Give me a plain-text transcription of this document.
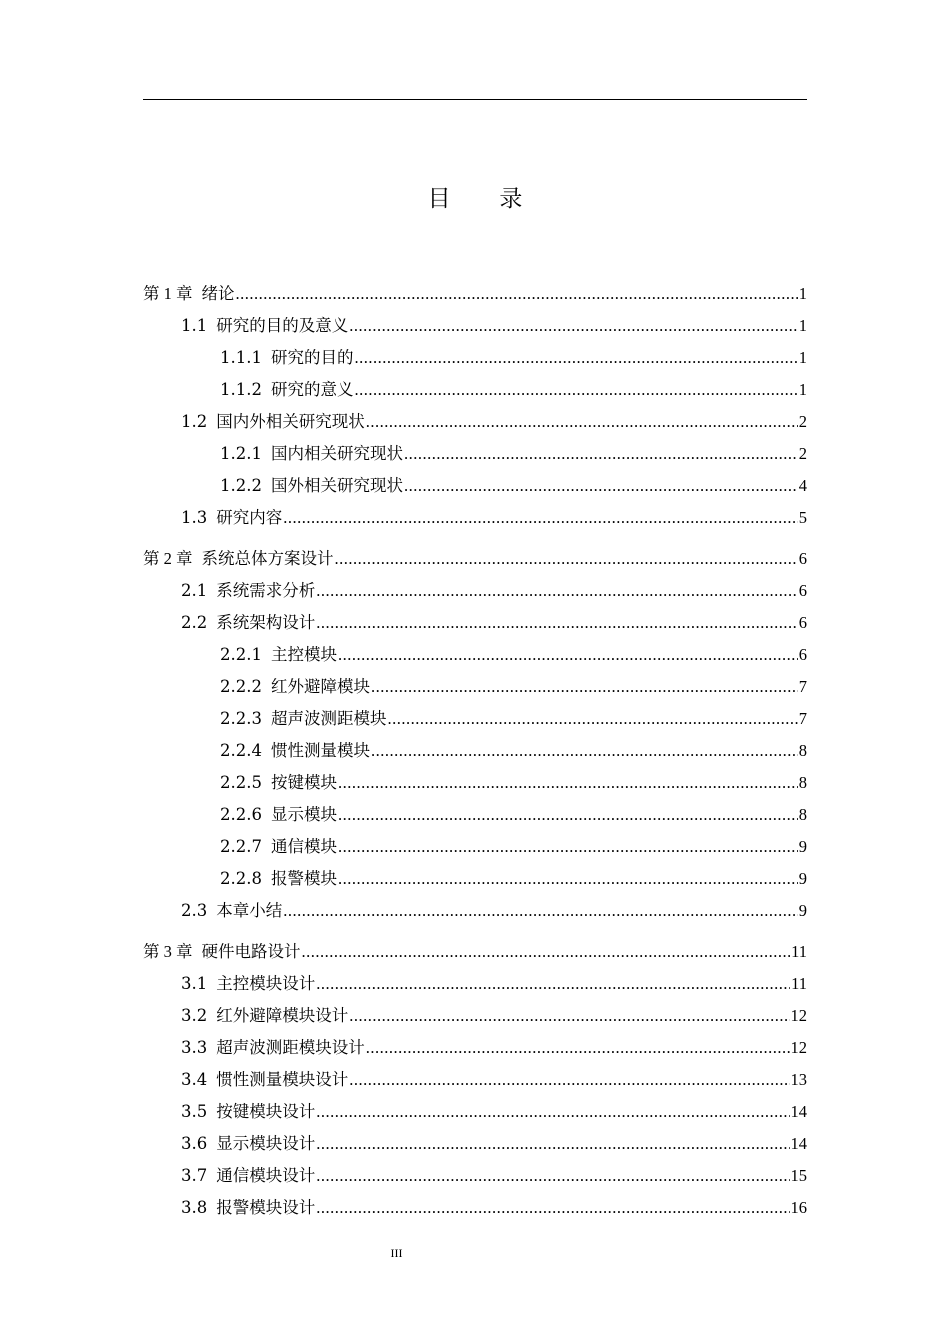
目 录
第 1 章 绪论 .....	1
1.1 研究的目的及意义 .....	1
1.1.1 研究的目的 .....	1
1.1.2 研究的意义 .....	1
1.2 国内外相关研究现状 .....	2
1.2.1 国内相关研究现状 .....	2
1.2.2 国外相关研究现状 .....	4
1.3 研究内容 .....	5
第 2 章 系统总体方案设计 .....	6
2.1 系统需求分析 .....	6
2.2 系统架构设计 .....	6
2.2.1 主控模块 .....	6
2.2.2 红外避障模块 .....	7
2.2.3 超声波测距模块 .....	7
2.2.4 惯性测量模块 .....	8
2.2.5 按键模块 .....	8
2.2.6 显示模块 .....	8
2.2.7 通信模块 .....	9
2.2.8 报警模块 .....	9
2.3 本章小结 .....	9
第 3 章 硬件电路设计 .....	11
3.1 主控模块设计 .....	11
3.2 红外避障模块设计 .....	12
3.3 超声波测距模块设计 .....	12
3.4 惯性测量模块设计 .....	13
3.5 按键模块设计 .....	14
3.6 显示模块设计 .....	14
3.7 通信模块设计 .....	15
3.8 报警模块设计 .....	16
III
